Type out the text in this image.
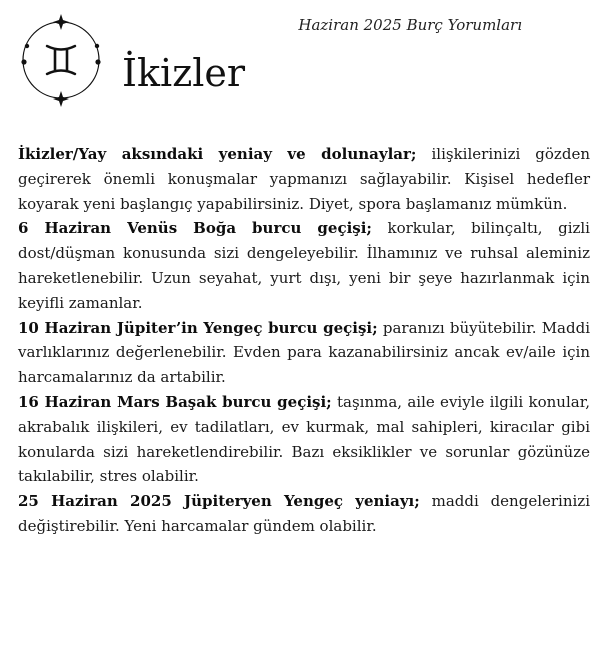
Haziran 2025 Burç Yorumları
İkizler

İkizler/Yay aksındaki yeniay ve dolunaylar; ilişkilerinizi gözden geçirerek önemli konuşmalar yapmanızı sağlayabilir. Kişisel hedefler koyarak yeni başlangıç yapabilirsiniz. Diyet, spora başlamanız mümkün.

6 Haziran Venüs Boğa burcu geçişi; korkular, bilinçaltı, gizli dost/düşman konusunda sizi dengeleyebilir. İlhamınız ve ruhsal aleminiz hareketlenebilir. Uzun seyahat, yurt dışı, yeni bir şeye hazırlanmak için keyifli zamanlar.

10 Haziran Jüpiter’in Yengeç burcu geçişi; paranızı büyütebilir. Maddi varlıklarınız değerlenebilir. Evden para kazanabilirsiniz ancak ev/aile için harcamalarınız da artabilir.

16 Haziran Mars Başak burcu geçişi; taşınma, aile eviyle ilgili konular, akrabalık ilişkileri, ev tadilatları, ev kurmak, mal sahipleri, kiracılar gibi konularda sizi hareketlendirebilir. Bazı eksiklikler ve sorunlar gözünüze takılabilir, stres olabilir.

25 Haziran 2025 Jüpiteryen Yengeç yeniayı; maddi dengelerinizi değiştirebilir. Yeni harcamalar gündem olabilir.
